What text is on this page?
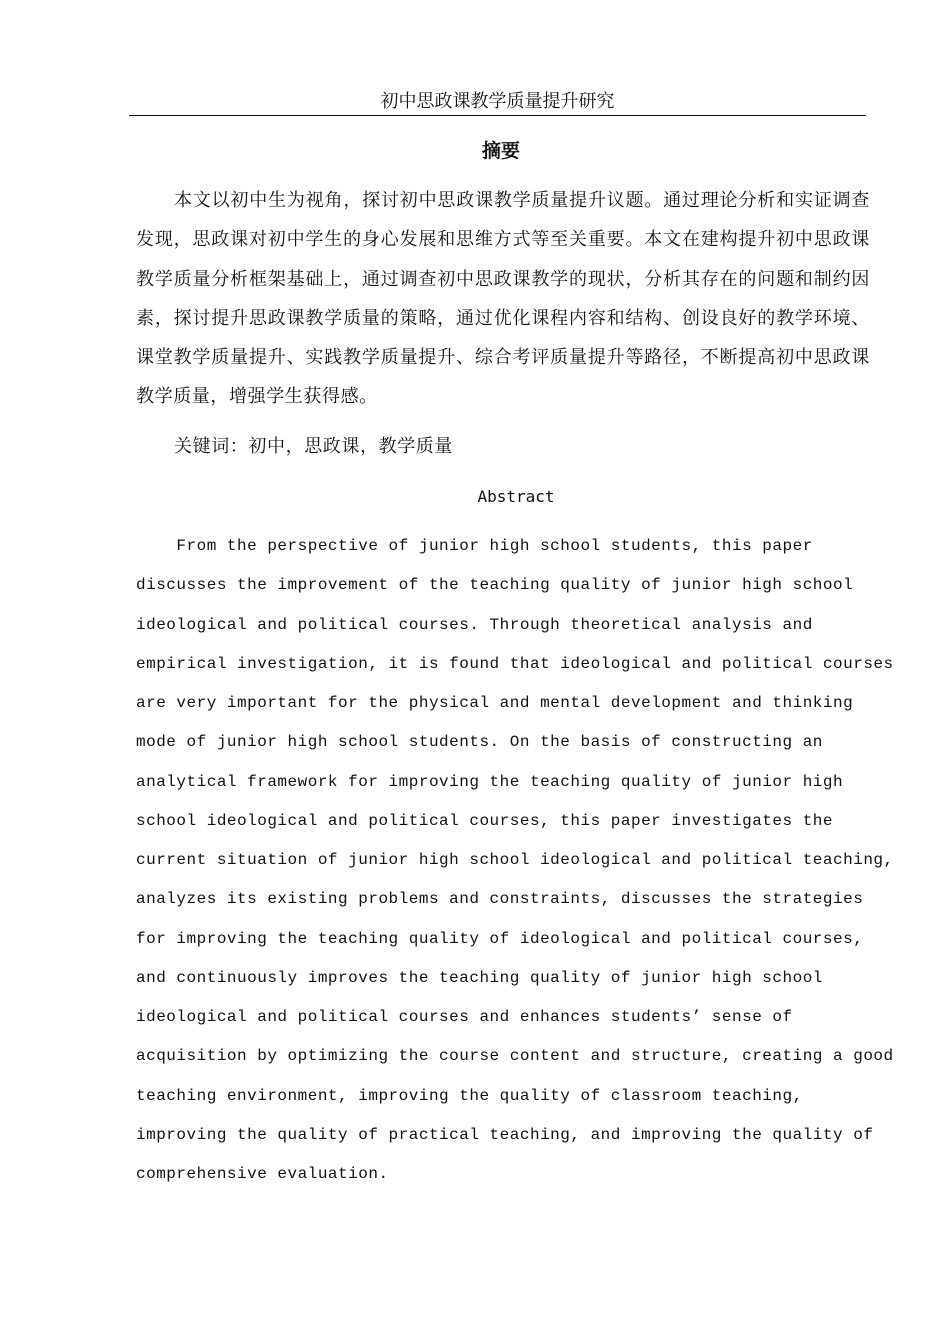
初中思政课教学质量提升研究
摘要

本文以初中生为视角，探讨初中思政课教学质量提升议题。通过理论分析和实证调查发现，思政课对初中学生的身心发展和思维方式等至关重要。本文在建构提升初中思政课教学质量分析框架基础上，通过调查初中思政课教学的现状，分析其存在的问题和制约因素，探讨提升思政课教学质量的策略，通过优化课程内容和结构、创设良好的教学环境、课堂教学质量提升、实践教学质量提升、综合考评质量提升等路径，不断提高初中思政课教学质量，增强学生获得感。

关键词：初中，思政课，教学质量

Abstract
From the perspective of junior high school students, this paper
discusses the improvement of the teaching quality of junior high school
ideological and political courses. Through theoretical analysis and
empirical investigation, it is found that ideological and political courses
are very important for the physical and mental development and thinking
mode of junior high school students. On the basis of constructing an
analytical framework for improving the teaching quality of junior high
school ideological and political courses, this paper investigates the
current situation of junior high school ideological and political teaching,
analyzes its existing problems and constraints, discusses the strategies
for improving the teaching quality of ideological and political courses,
and continuously improves the teaching quality of junior high school
ideological and political courses and enhances students’ sense of
acquisition by optimizing the course content and structure, creating a good
teaching environment, improving the quality of classroom teaching,
improving the quality of practical teaching, and improving the quality of
comprehensive evaluation.
